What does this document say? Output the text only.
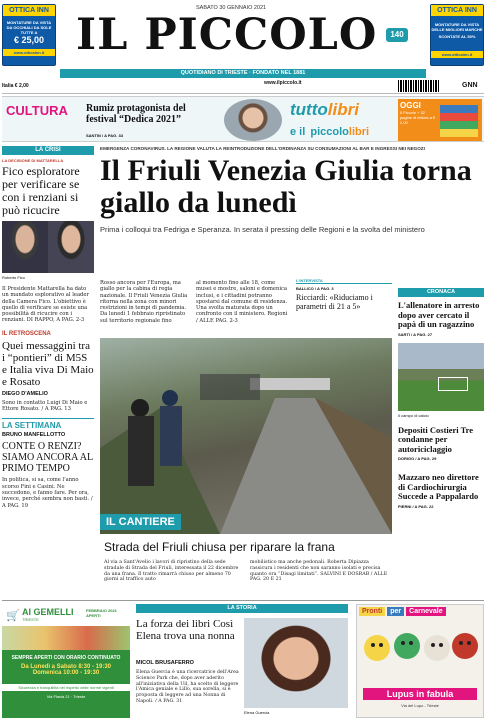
OTTICA INN
MONTATURE DA VISTA
DA OCCHIALI DA SOLE
TUTTE A
€ 25,00
www.otticainn.it
SABATO 30 GENNAIO 2021
IL PICCOLO	140
OTTICA INN
MONTATURE DA VISTA
DELLE MIGLIORI MARCHE
SCONTATE AL 50%
www.otticainn.it
QUOTIDIANO DI TRIESTE · FONDATO NEL 1881
Italia € 2,00	www.ilpiccolo.it	GNN
CULTURA Rumiz protagonista del festival “Dedica 2021”
SANTIN / A PAG. 33
tuttolibri
e il piccololibri
OGGI
Il Piccolo + 32 pagine di lettura a € 2,00
LA CRISI
LA DECISIONE DI MATTARELLA
Fico esploratore per verificare se con i renziani si può ricucire
Roberto Fico
Il Presidente Mattarella ha dato un mandato esplorativo al leader della Camera Fico. L'obiettivo è quello di verificare se esiste una possibilità di ricucire con i renziani. DI RAPPO, A PAG. 2-3
IL RETROSCENA
Quei messaggini tra i “pontieri” di M5S e Italia viva Di Maio e Rosato
DIEGO D'AMELIO
Sono in contatto Luigi Di Maio e Ettore Rosato. / A PAG. 13
LA SETTIMANA
BRUNO MANFELLOTTO
CONTE O RENZI? SIAMO ANCORA AL PRIMO TEMPO
In politica, si sa, come l'anno scorso Fini e Casini. Ne succedono, e fanno fare. Per ora, invece, perché sembra non basti. / A PAG. 19
EMERGENZA CORONAVIRUS. LA REGIONE VALUTA LA REINTRODUZIONE DELL'ORDINANZA SU CONSUMAZIONI AL BAR E INGRESSI NEI NEGOZI
Il Friuli Venezia Giulia torna giallo da lunedì
Prima i colloqui tra Fedriga e Speranza. In serata il pressing delle Regioni e la svolta del ministero
Rosso ancora per l'Europa, ma giallo per la cabina di regia nazionale. Il Friuli Venezia Giulia ritorna nella zona con minori restrizioni in tempi di pandemia. Da lunedì 1 febbraio ripristinato sul territorio regionale fino
al momento fino alle 18, come musei e mostre, saloni e domenica inclusi, e i cittadini potranno spostarsi dal comune di residenza. Una svolta maturata dopo un confronto con il ministero. Regioni / ALLE PAG. 2-3
L'INTERVISTA
BALLICO / A PAG. 3
Ricciardi: «Riduciamo i parametri di 21 a 5»
IL CANTIERE
Strada del Friuli chiusa per riparare la frana
Al via a Sant'Avelio i lavori di ripristino della sede stradale di Strada del Friuli, interessata il 22 dicembre da una frana. Il tratto rimarrà chiuso per almeno 70 giorni al traffico auto
mobilistico ma anche pedonali. Roberta Dipiazza rassicura i residenti che non saranno isolati e precisa quanto ora “Disagi limitati”. SALVINI E DOSRAB / ALLE PAG. 20 E 21
CRONACA
L'allenatore in arresto dopo aver cercato il papà di un ragazzino
SARTI / A PAG. 27
Il campo di calcio
Depositi Costieri Tre condanne per autoriciclaggio
DORIGO / A PAG. 29
Mazzaro neo direttore di Cardiochirurgia Succede a Pappalardo
PIERNI / A PAG. 22
AI GEMELLI
TRIESTE
FEBBRAIO 2021 APERTI
🛒
SEMPRE APERTI CON ORARIO CONTINUATO
Da Lunedì a Sabato 8:30 - 19:30
Domenica 10:00 - 19:30
Sicurezza e tranquillità nel rispetto delle norme vigenti
Via Flavia 21 · Trieste
LA STORIA
La forza dei libri Così Elena trova una nonna
MICOL BRUSAFERRO
Elena Guercia è una ricercatrice dell'Area Science Park che, dopo aver aderito all'iniziativa della Uil, ha scelto di leggere l'Amica geniale e Lillo, sua sorella, si è proposta di leggere ad una Nonna di Napoli. / A PAG. 31
Elena Guercia
Pronti	per	Carnevale
Lupus in fabula
Via del Lupo - Trieste
